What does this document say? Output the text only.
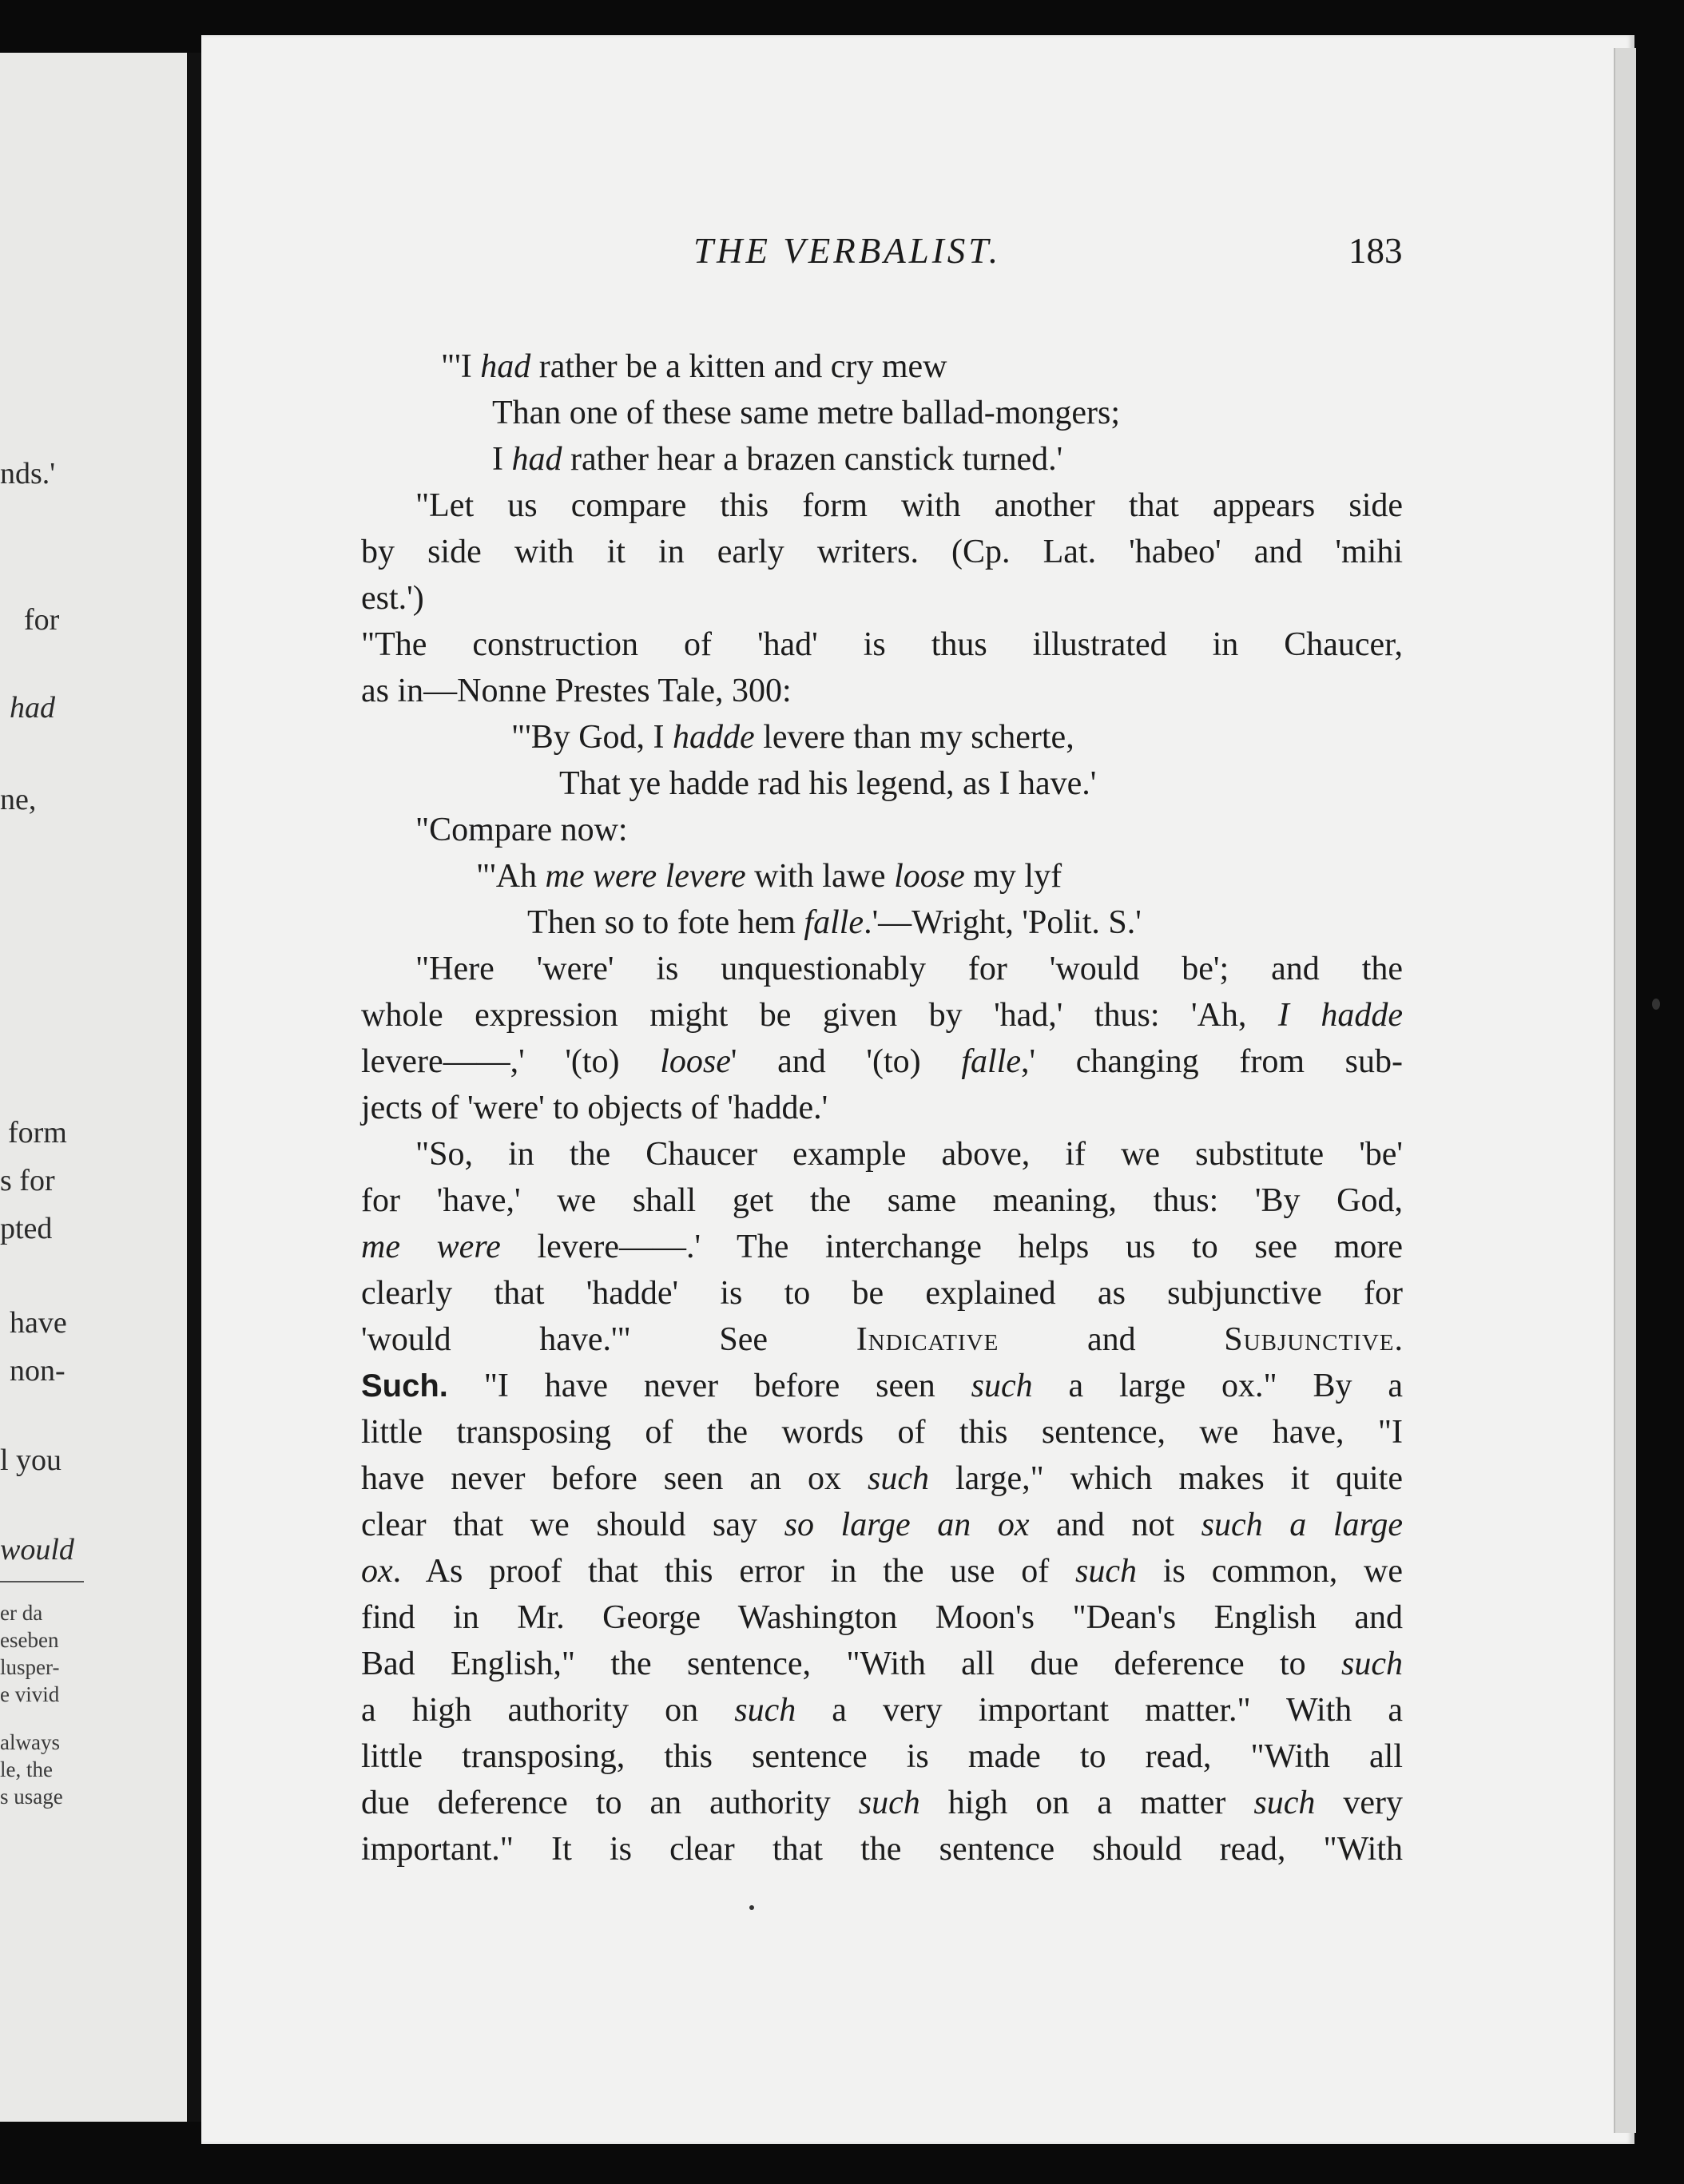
nds.'
for
had
ne,
form
s for
pted
have
non-
l you
would
er da
eseben
lusper-
e vivid
always
le, the
s usage
THE VERBALIST.	183
"'I had rather be a kitten and cry mew
Than one of these same metre ballad-mongers;
I had rather hear a brazen canstick turned.'
"Let us compare this form with another that appears side
by side with it in early writers. (Cp. Lat. 'habeo' and 'mihi
est.')
"The construction of 'had' is thus illustrated in Chaucer,
as in—Nonne Prestes Tale, 300:
"'By God, I hadde levere than my scherte,
That ye hadde rad his legend, as I have.'
"Compare now:
"'Ah me were levere with lawe loose my lyf
Then so to fote hem falle.'—Wright, 'Polit. S.'
"Here 'were' is unquestionably for 'would be'; and the
whole expression might be given by 'had,' thus: 'Ah, I hadde
levere——,' '(to) loose' and '(to) falle,' changing from sub-
jects of 'were' to objects of 'hadde.'
"So, in the Chaucer example above, if we substitute 'be'
for 'have,' we shall get the same meaning, thus: 'By God,
me were levere——.' The interchange helps us to see more
clearly that 'hadde' is to be explained as subjunctive for
'would have.'" See Indicative and Subjunctive.
Such. "I have never before seen such a large ox." By a
little transposing of the words of this sentence, we have, "I
have never before seen an ox such large," which makes it quite
clear that we should say so large an ox and not such a large
ox. As proof that this error in the use of such is common, we
find in Mr. George Washington Moon's "Dean's English and
Bad English," the sentence, "With all due deference to such
a high authority on such a very important matter." With a
little transposing, this sentence is made to read, "With all
due deference to an authority such high on a matter such very
important." It is clear that the sentence should read, "With
